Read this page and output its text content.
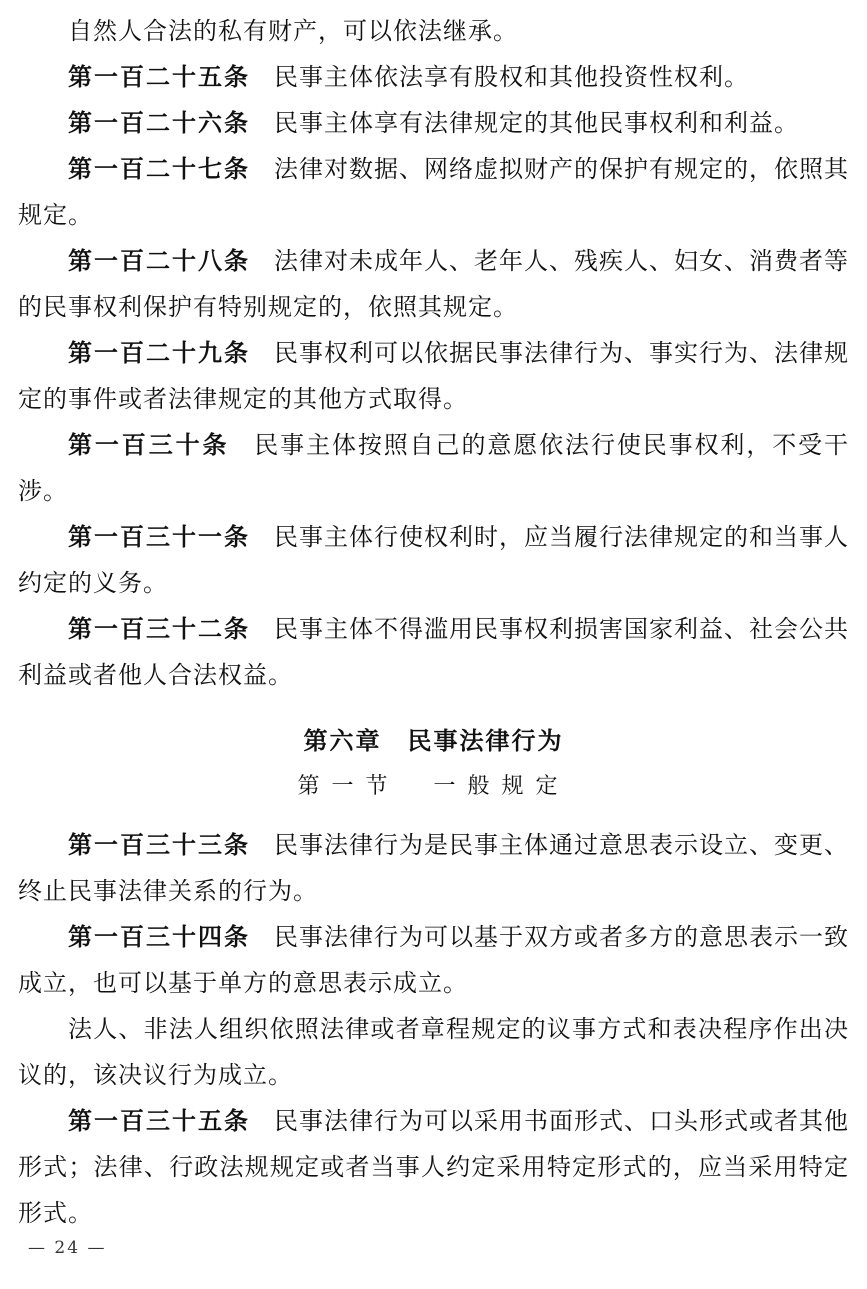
自然人合法的私有财产，可以依法继承。

第一百二十五条 民事主体依法享有股权和其他投资性权利。

第一百二十六条 民事主体享有法律规定的其他民事权利和利益。

第一百二十七条 法律对数据、网络虚拟财产的保护有规定的，依照其规定。

第一百二十八条 法律对未成年人、老年人、残疾人、妇女、消费者等的民事权利保护有特别规定的，依照其规定。

第一百二十九条 民事权利可以依据民事法律行为、事实行为、法律规定的事件或者法律规定的其他方式取得。

第一百三十条 民事主体按照自己的意愿依法行使民事权利，不受干涉。

第一百三十一条 民事主体行使权利时，应当履行法律规定的和当事人约定的义务。

第一百三十二条 民事主体不得滥用民事权利损害国家利益、社会公共利益或者他人合法权益。

第六章　民事法律行为
第一节　一般规定

第一百三十三条 民事法律行为是民事主体通过意思表示设立、变更、终止民事法律关系的行为。

第一百三十四条 民事法律行为可以基于双方或者多方的意思表示一致成立，也可以基于单方的意思表示成立。

法人、非法人组织依照法律或者章程规定的议事方式和表决程序作出决议的，该决议行为成立。

第一百三十五条 民事法律行为可以采用书面形式、口头形式或者其他形式；法律、行政法规规定或者当事人约定采用特定形式的，应当采用特定形式。

— 24 —
